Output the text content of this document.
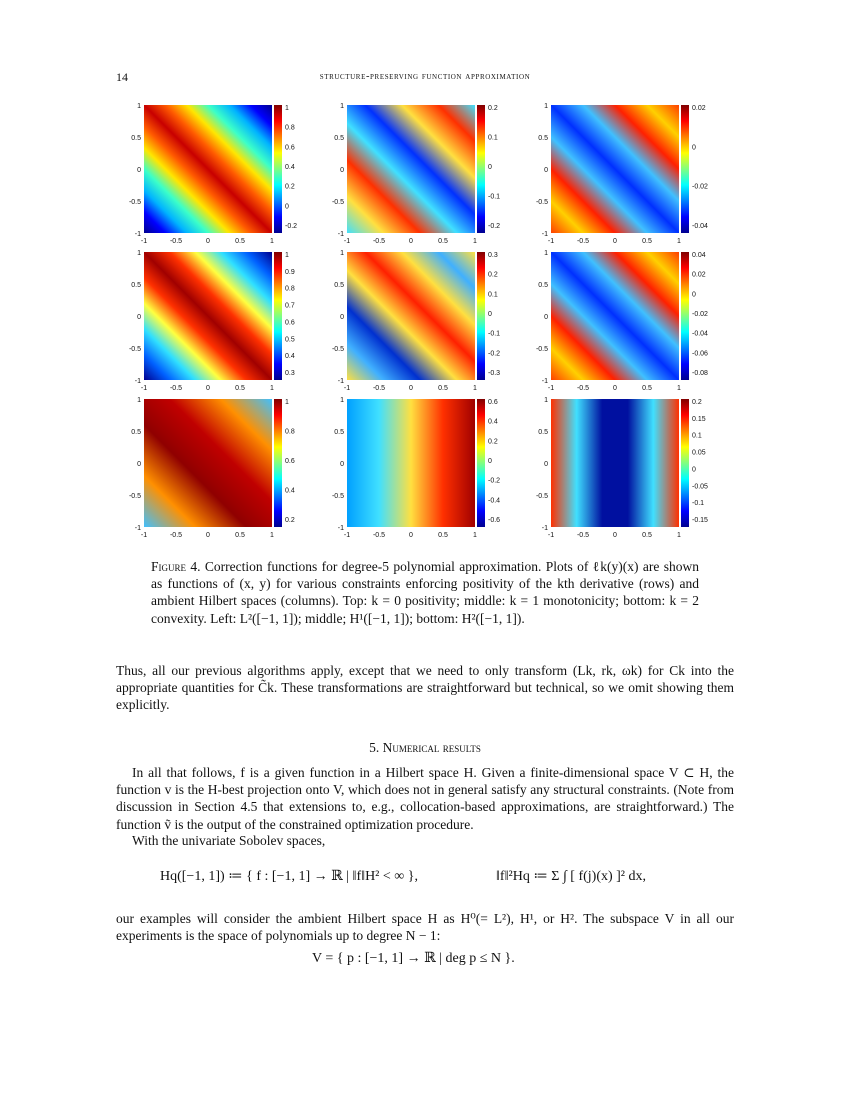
14	structure-preserving function approximation
1
0.8
0.6
0.4
0.2
0
-0.2
-1
-0.5
0
0.5
1
-1	-0.5	0	0.5	1
0.2
0.1
0
-0.1
-0.2
-1
-0.5
0
0.5
1
-1	-0.5	0	0.5	1
0.02
0
-0.02
-0.04
-1
-0.5
0
0.5
1
-1	-0.5	0	0.5	1
1
0.9
0.8
0.7
0.6
0.5
0.4
0.3
-1
-0.5
0
0.5
1
-1	-0.5	0	0.5	1
0.3
0.2
0.1
0
-0.1
-0.2
-0.3
-1
-0.5
0
0.5
1
-1	-0.5	0	0.5	1
0.04
0.02
0
-0.02
-0.04
-0.06
-0.08
-1
-0.5
0
0.5
1
-1	-0.5	0	0.5	1
1
0.8
0.6
0.4
0.2
-1
-0.5
0
0.5
1
-1	-0.5	0	0.5	1
0.6
0.4
0.2
0
-0.2
-0.4
-0.6
-1
-0.5
0
0.5
1
-1	-0.5	0	0.5	1
0.2
0.15
0.1
0.05
0
-0.05
-0.1
-0.15
-1
-0.5
0
0.5
1
-1	-0.5	0	0.5	1
Figure 4. Correction functions for degree-5 polynomial approximation. Plots of ℓk(y)(x) are shown as functions of (x, y) for various constraints enforcing positivity of the kth derivative (rows) and ambient Hilbert spaces (columns). Top: k = 0 positivity; middle: k = 1 monotonicity; bottom: k = 2 convexity. Left: L²([−1, 1]); middle; H¹([−1, 1]); bottom: H²([−1, 1]).
Thus, all our previous algorithms apply, except that we need to only transform (Lk, rk, ωk) for Ck into the appropriate quantities for C̃k. These transformations are straightforward but technical, so we omit showing them explicitly.
5. Numerical results
In all that follows, f is a given function in a Hilbert space H. Given a finite-dimensional space V ⊂ H, the function v is the H-best projection onto V, which does not in general satisfy any structural constraints. (Note from discussion in Section 4.5 that extensions to, e.g., collocation-based approximations, are straightforward.) The function ṽ is the output of the constrained optimization procedure.
With the univariate Sobolev spaces,
Hq([−1, 1]) ≔ { f : [−1, 1] → ℝ | ‖f‖H² < ∞ },	‖f‖²Hq ≔ Σ ∫ [ f(j)(x) ]² dx,
our examples will consider the ambient Hilbert space H as H⁰(= L²), H¹, or H². The subspace V in all our experiments is the space of polynomials up to degree N − 1:
V = { p : [−1, 1] → ℝ | deg p ≤ N }.
